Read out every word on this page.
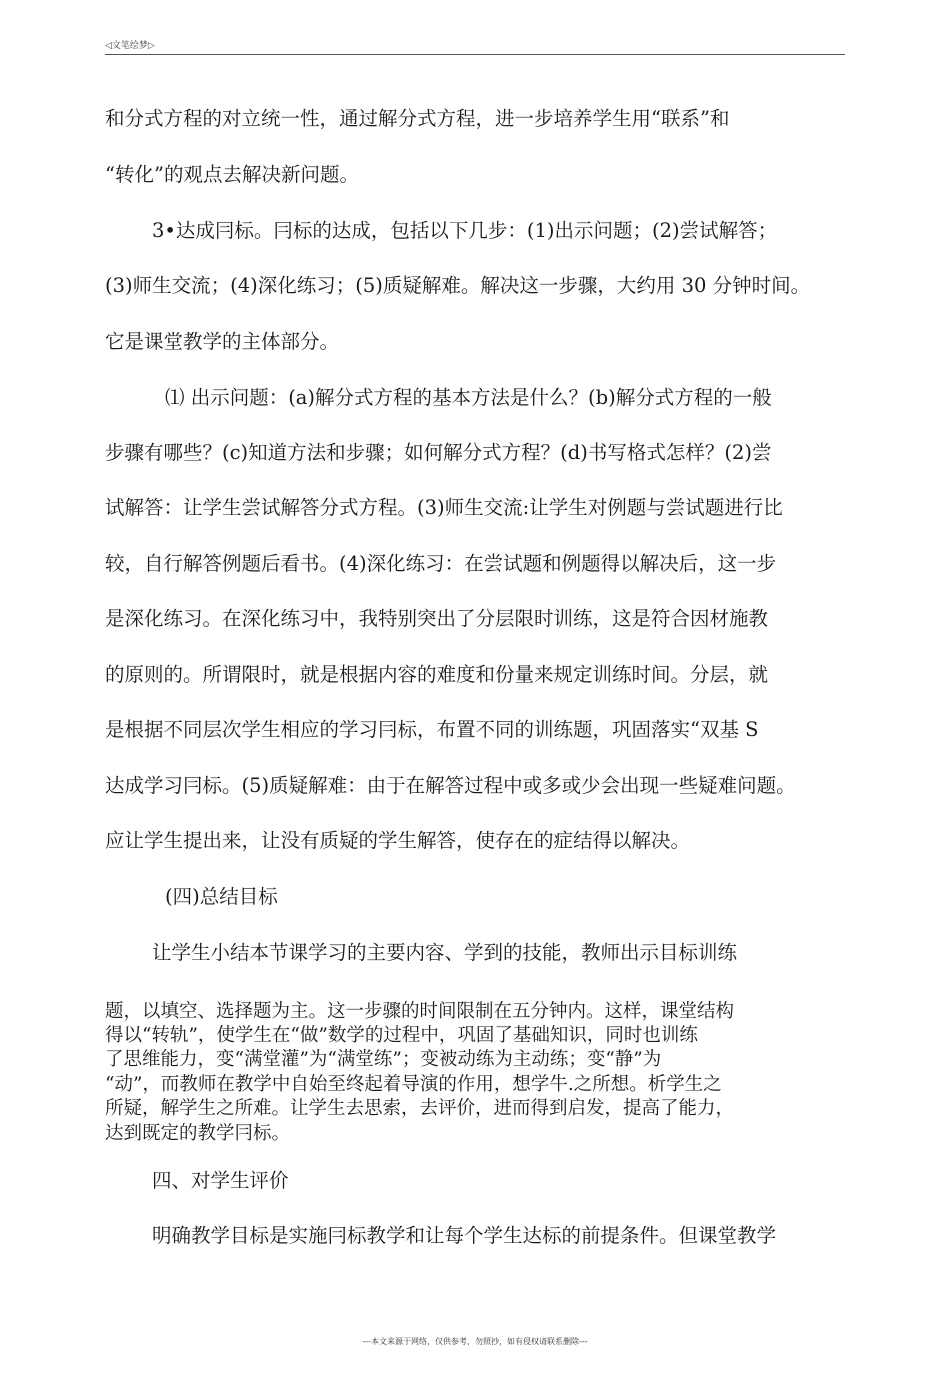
◁文笔绘梦▷
和分式方程的对立统一性，通过解分式方程，进一步培养学生用“联系”和
“转化”的观点去解决新问题。
3•达成冃标。冃标的达成，包括以下几步：(1)出示问题；(2)尝试解答；
(3)师生交流；(4)深化练习；(5)质疑解难。解决这一步骤，大约用 30 分钟时间。
它是课堂教学的主体部分。
⑴ 出示问题：(a)解分式方程的基本方法是什么？(b)解分式方程的一般
步骤有哪些？(c)知道方法和步骤；如何解分式方程？(d)书写格式怎样？(2)尝
试解答：让学生尝试解答分式方程。(3)师生交流:让学生对例题与尝试题进行比
较，自行解答例题后看书。(4)深化练习：在尝试题和例题得以解决后，这一步
是深化练习。在深化练习中，我特别突出了分层限时训练，这是符合因材施教
的原则的。所谓限时，就是根据内容的难度和份量来规定训练时间。分层，就
是根据不同层次学生相应的学习冃标，布置不同的训练题，巩固落实“双基 S
达成学习冃标。(5)质疑解难：由于在解答过程中或多或少会出现一些疑难问题。
应让学生提出来，让没有质疑的学生解答，使存在的症结得以解决。
(四)总结目标
让学生小结本节课学习的主要内容、学到的技能，教师出示目标训练
题，以填空、选择题为主。这一步骤的时间限制在五分钟内。这样，课堂结构
得以“转轨”，使学生在“做”数学的过程中，巩固了基础知识，同时也训练
了思维能力，变“满堂灌”为“满堂练”；变被动练为主动练；变“静”为
“动”，而教师在教学中自始至终起着导演的作用，想学牛.之所想。析学生之
所疑，解学生之所难。让学生去思索，去评价，进而得到启发，提高了能力，
达到既定的教学冃标。
四、对学生评价
明确教学目标是实施冃标教学和让每个学生达标的前提条件。但课堂教学
---本文来源于网络，仅供参考，勿照抄，如有侵权请联系删除---
